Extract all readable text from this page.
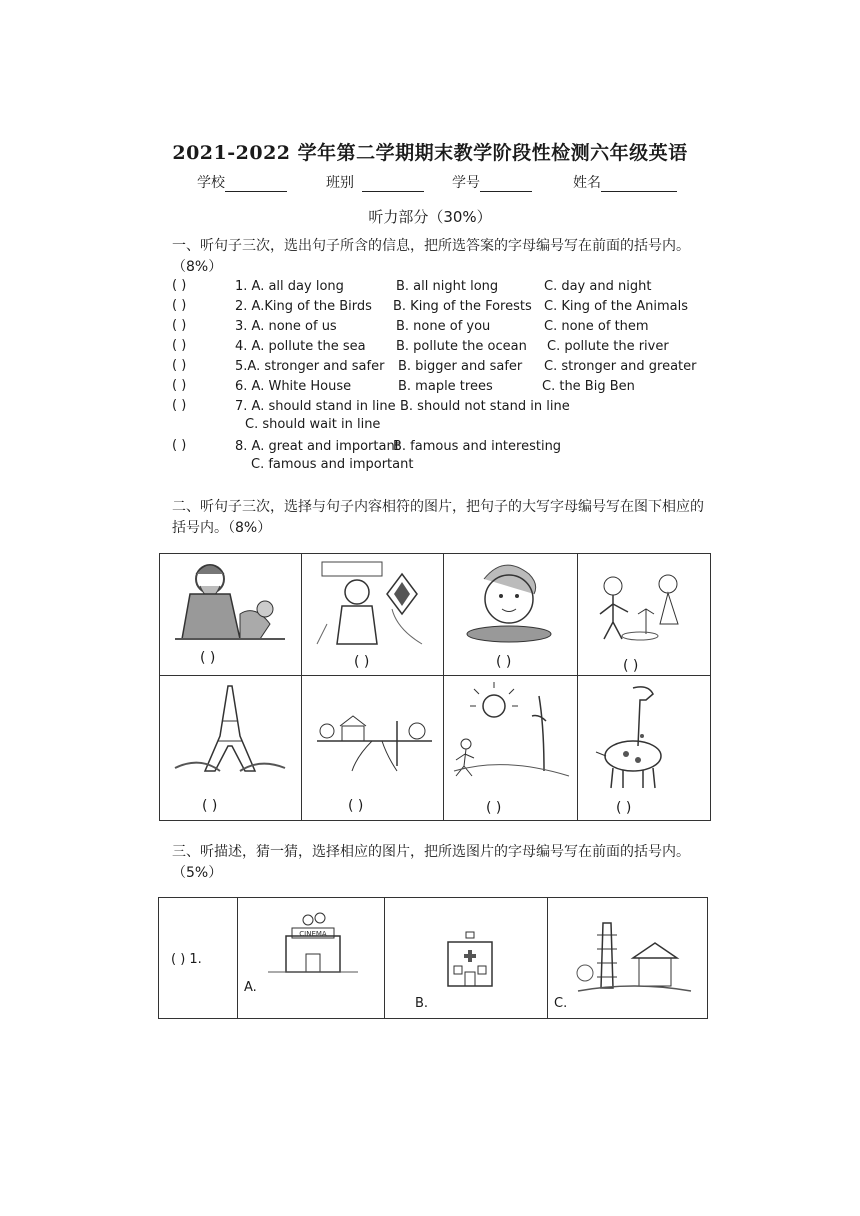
2021-2022 学年第二学期期末教学阶段性检测六年级英语
学校	班别	学号	姓名
听力部分（30%）
一、听句子三次，选出句子所含的信息，把所选答案的字母编号写在前面的括号内。（8%）
( )	1. A. all day long	B. all night long	C. day and night
( )	2. A.King of the Birds B. King of the Forests C. King of the Animals
( )	3. A. none of us	B. none of you	C. none of them
( )	4. A. pollute the sea B. pollute the ocean C. pollute the river
( )	5.A. stronger and safer B. bigger and safer C. stronger and greater
( )	6. A. White House	B. maple trees	C. the Big Ben
( )	7. A. should stand in line B. should not stand in line
C. should wait in line
( )	8. A. great and important
B. famous and interesting
C. famous and important
二、听句子三次，选择与句子内容相符的图片，把句子的大写字母编号写在图下相应的括号内。（8%）
( )	( )	( )	( )
( )	( )	( )	( )
三、听描述，猜一猜，选择相应的图片，把所选图片的字母编号写在前面的括号内。（5%）
( ) 1.
CINEMA
A.
B.	C.
